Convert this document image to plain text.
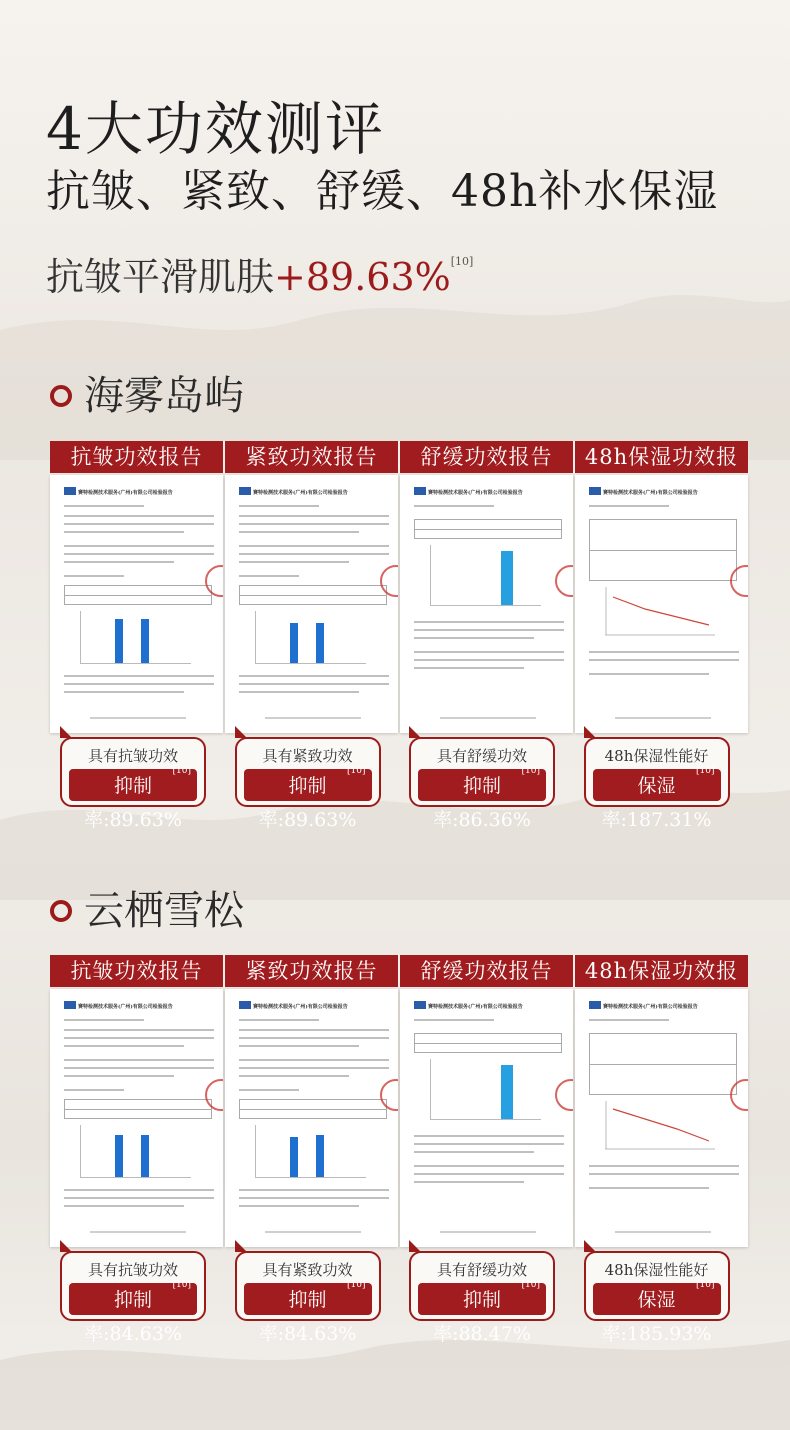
4大功效测评
抗皱、紧致、舒缓、48h补水保湿
抗皱平滑肌肤+89.63%[10]
海雾岛屿
抗皱功效报告	紧致功效报告	舒缓功效报告	48h保湿功效报
赛特检测技术服务(广州)有限公司检验报告	赛特检测技术服务(广州)有限公司检验报告	赛特检测技术服务(广州)有限公司检验报告	赛特检测技术服务(广州)有限公司检验报告
具有抗皱功效
抑制率:89.63%
[10]
具有紧致功效
抑制率:89.63%
[10]
具有舒缓功效
抑制率:86.36%
[10]
48h保湿性能好
保湿率:187.31%
[10]
云栖雪松
抗皱功效报告	紧致功效报告	舒缓功效报告	48h保湿功效报
赛特检测技术服务(广州)有限公司检验报告	赛特检测技术服务(广州)有限公司检验报告	赛特检测技术服务(广州)有限公司检验报告	赛特检测技术服务(广州)有限公司检验报告
具有抗皱功效
抑制率:84.63%
[10]
具有紧致功效
抑制率:84.63%
[10]
具有舒缓功效
抑制率:88.47%
[10]
48h保湿性能好
保湿率:185.93%
[10]
